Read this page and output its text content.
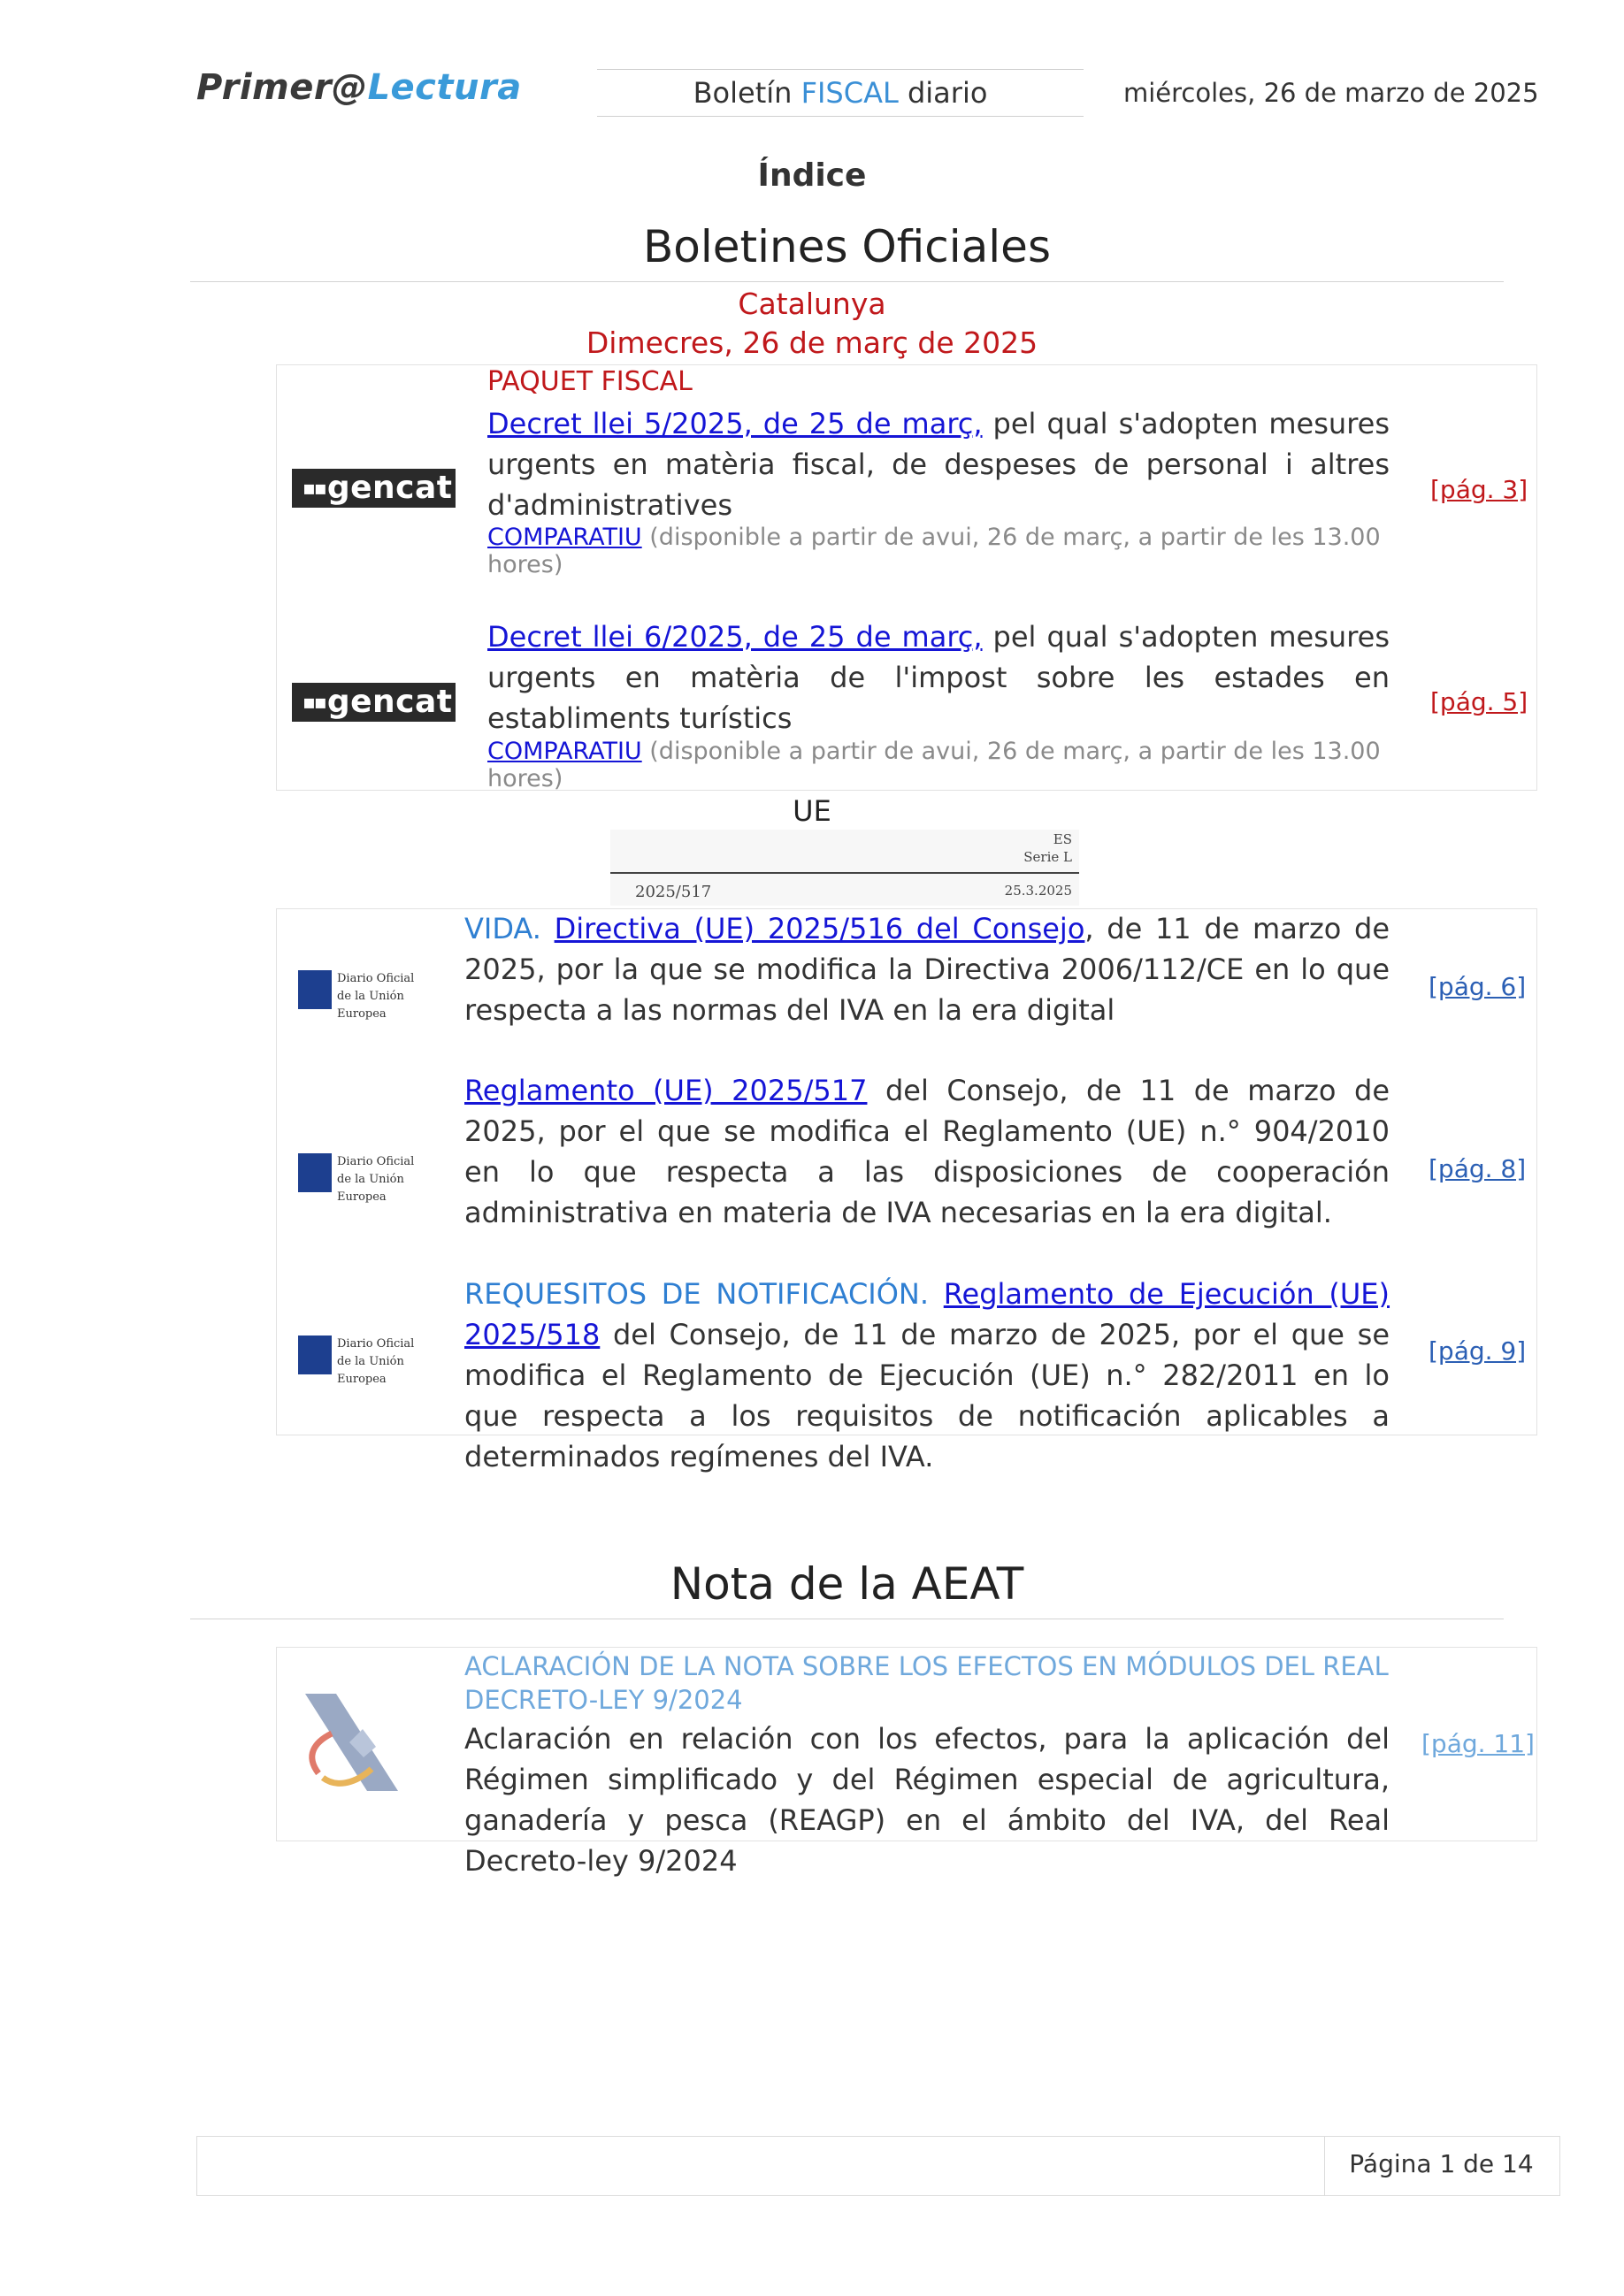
Primer@Lectura	Boletín FISCAL diario	miércoles, 26 de marzo de 2025
Índice
Boletines Oficiales
Catalunya
Dimecres, 26 de març de 2025
▪▪gencat
PAQUET FISCAL
Decret llei 5/2025, de 25 de març, pel qual s'adopten mesures urgents en matèria fiscal, de despeses de personal i altres d'administratives
COMPARATIU (disponible a partir de avui, 26 de març, a partir de les 13.00 hores)
[pág. 3]
▪▪gencat
Decret llei 6/2025, de 25 de març, pel qual s'adopten mesures urgents en matèria de l'impost sobre les estades en establiments turístics
COMPARATIU (disponible a partir de avui, 26 de març, a partir de les 13.00 hores)
[pág. 5]
UE
ES
Serie L
2025/517	25.3.2025
Diario Oficial
de la Unión Europea
VIDA. Directiva (UE) 2025/516 del Consejo, de 11 de marzo de 2025, por la que se modifica la Directiva 2006/112/CE en lo que respecta a las normas del IVA en la era digital
[pág. 6]
Diario Oficial
de la Unión Europea
Reglamento (UE) 2025/517 del Consejo, de 11 de marzo de 2025, por el que se modifica el Reglamento (UE) n.° 904/2010 en lo que respecta a las disposiciones de cooperación administrativa en materia de IVA necesarias en la era digital.
[pág. 8]
Diario Oficial
de la Unión Europea
REQUESITOS DE NOTIFICACIÓN. Reglamento de Ejecución (UE) 2025/518 del Consejo, de 11 de marzo de 2025, por el que se modifica el Reglamento de Ejecución (UE) n.° 282/2011 en lo que respecta a los requisitos de notificación aplicables a determinados regímenes del IVA.
[pág. 9]
Nota de la AEAT
ACLARACIÓN DE LA NOTA SOBRE LOS EFECTOS EN MÓDULOS DEL REAL DECRETO-LEY 9/2024
Aclaración en relación con los efectos, para la aplicación del Régimen simplificado y del Régimen especial de agricultura, ganadería y pesca (REAGP) en el ámbito del IVA, del Real Decreto-ley 9/2024
[pág. 11]
Página 1 de 14
